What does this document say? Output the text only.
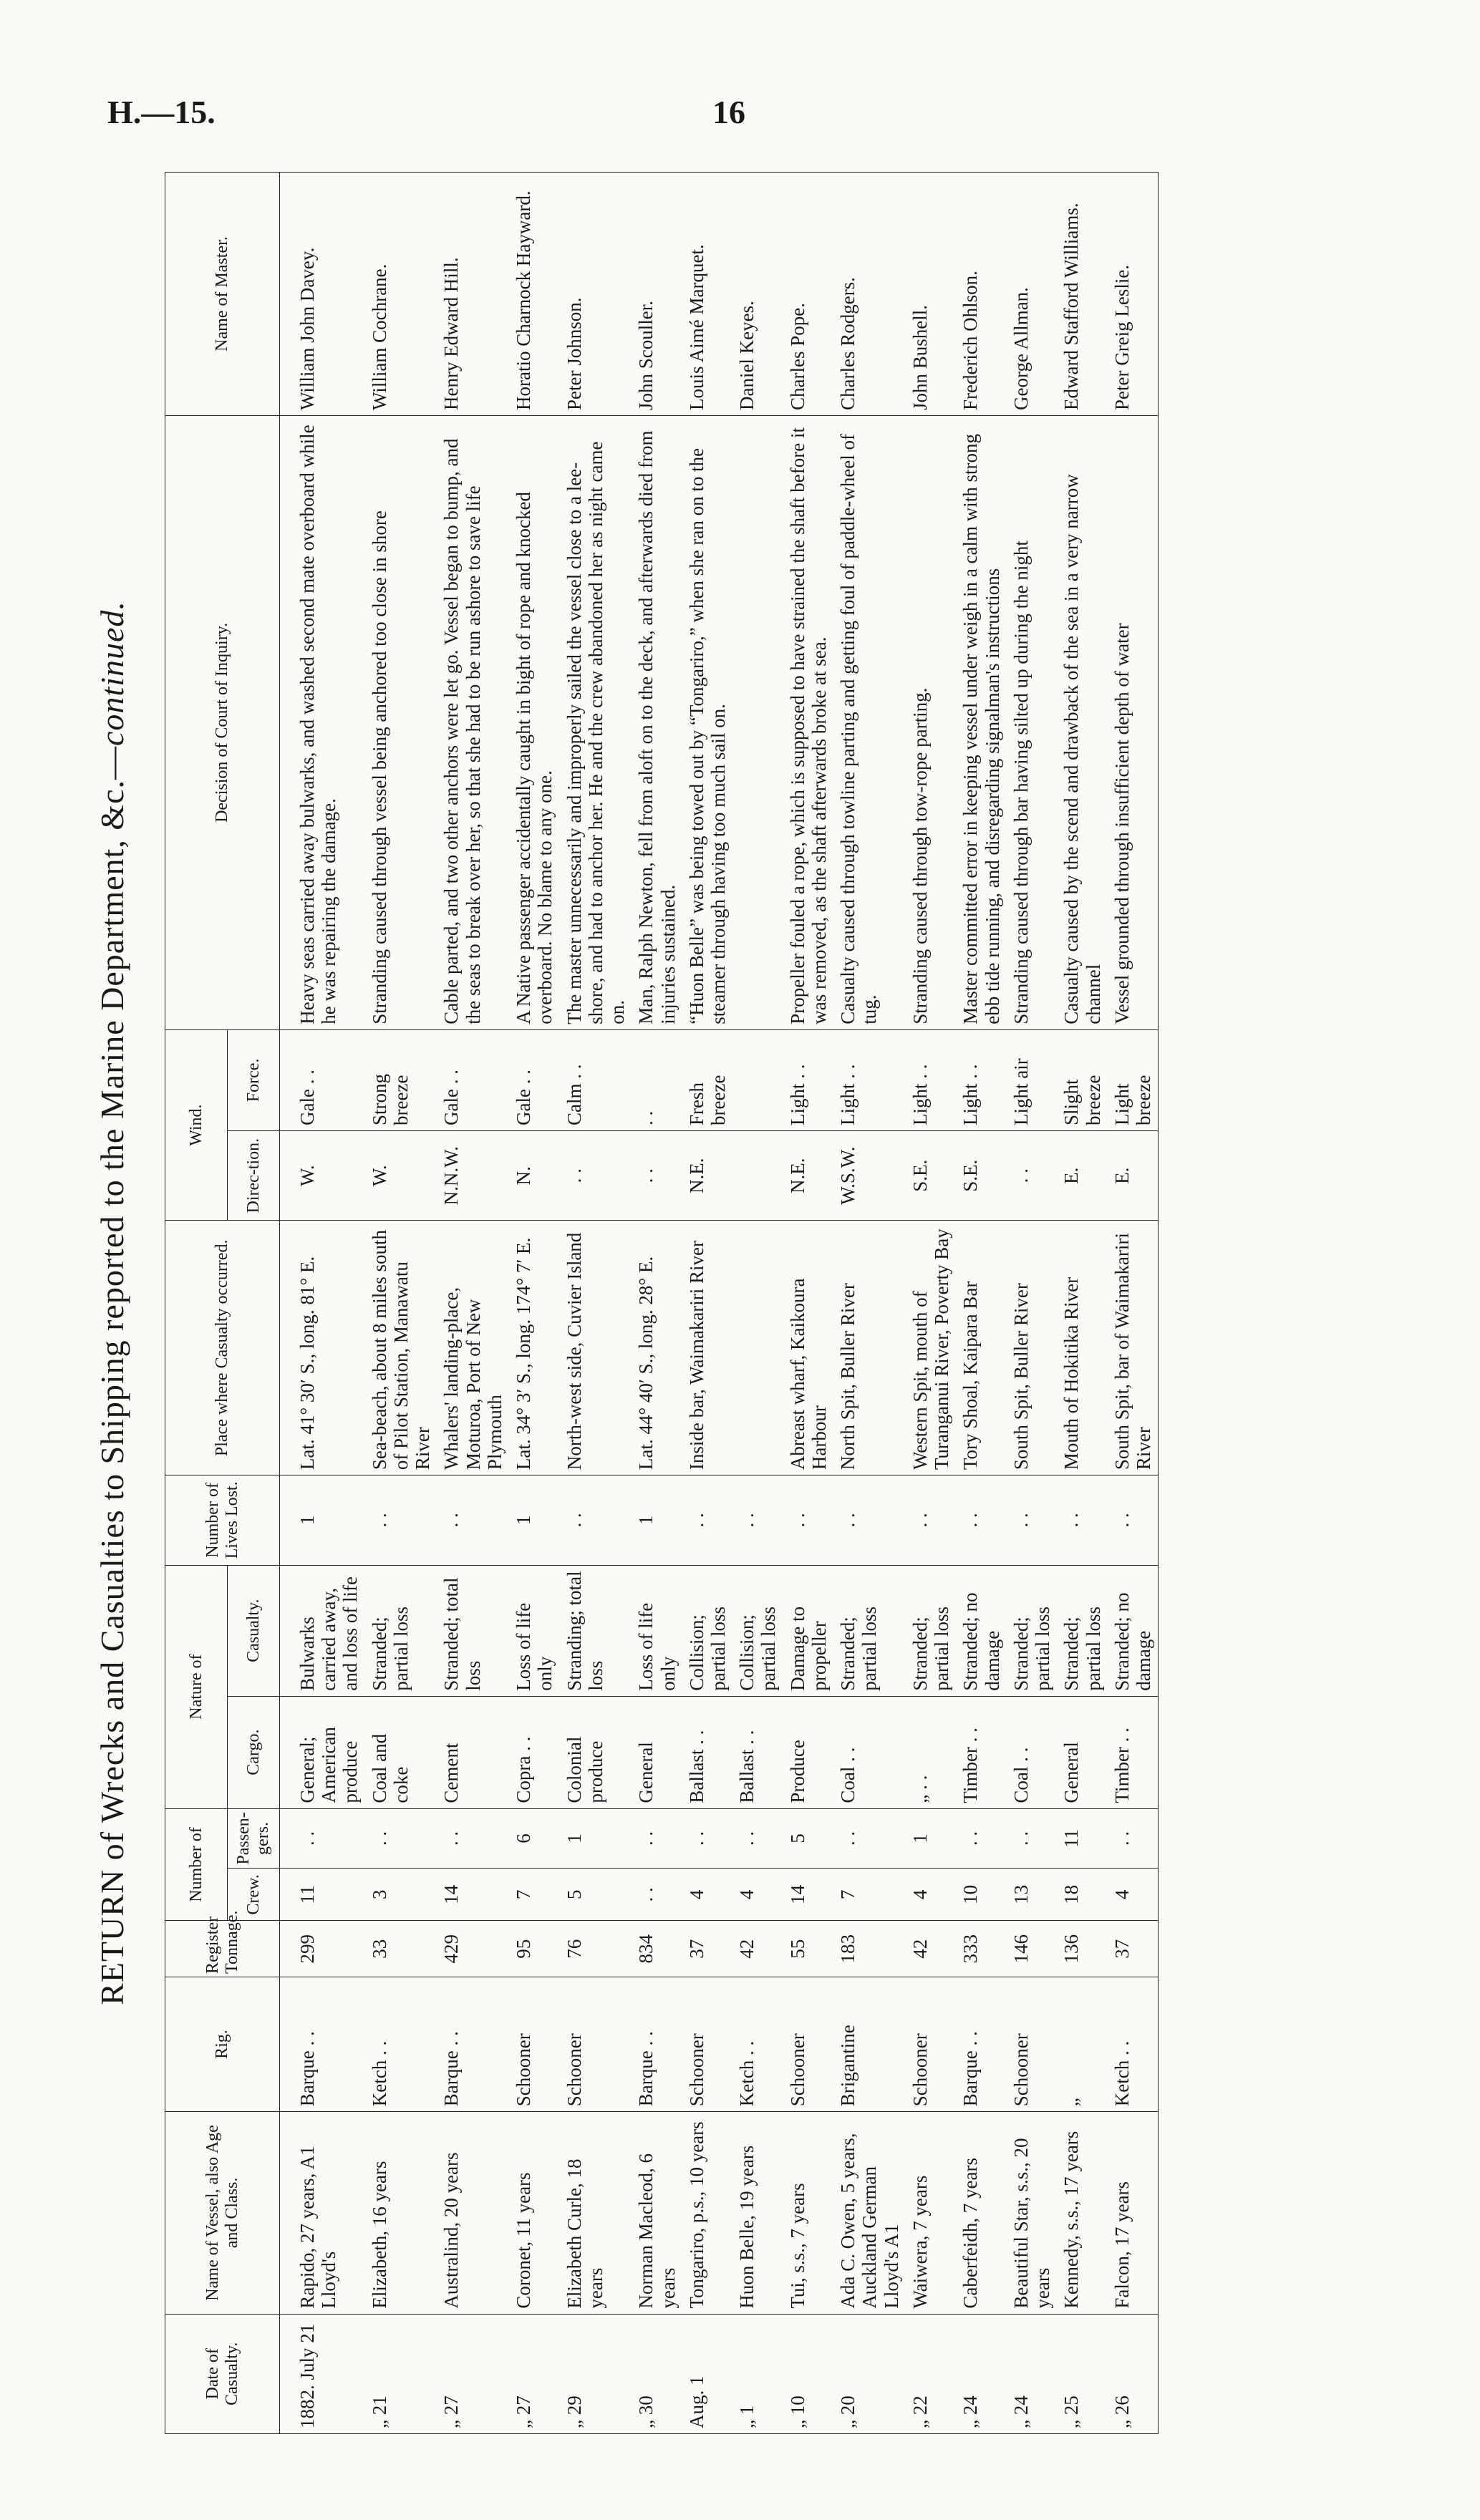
H.—15.	16
RETURN of Wrecks and Casualties to Shipping reported to the Marine Department, &c.—continued.
Date of Casualty.	Name of Vessel, also Age and Class.	Rig.	Register Tonnage.	Number of		Nature of		Number of Lives Lost.	Place where Casualty occurred.	Wind.		Decision of Court of Inquiry.	Name of Master.
				Crew.	Passen-gers.	Cargo.	Casualty.			Direc-tion.	Force.		

1882. July 21	Rapido, 27 years, A1 Lloyd's	Barque . .	299	11	. .	General; American produce	Bulwarks carried away, and loss of life	1	Lat. 41° 30′ S., long. 81° E.	W.	Gale . .	Heavy seas carried away bulwarks, and washed second mate overboard while he was repairing the damage.	William John Davey.
„ 21	Elizabeth, 16 years	Ketch . .	33	3	. .	Coal and coke	Stranded; partial loss	. .	Sea-beach, about 8 miles south of Pilot Station, Manawatu River	W.	Strong breeze	Stranding caused through vessel being anchored too close in shore	William Cochrane.
„ 27	Australind, 20 years	Barque . .	429	14	. .	Cement	Stranded; total loss	. .	Whalers' landing-place, Moturoa, Port of New Plymouth	N.N.W.	Gale . .	Cable parted, and two other anchors were let go. Vessel began to bump, and the seas to break over her, so that she had to be run ashore to save life	Henry Edward Hill.
„ 27	Coronet, 11 years	Schooner	95	7	6	Copra . .	Loss of life only	1	Lat. 34° 3′ S., long. 174° 7′ E.	N.	Gale . .	A Native passenger accidentally caught in bight of rope and knocked overboard. No blame to any one.	Horatio Charnock Hayward.
„ 29	Elizabeth Curle, 18 years	Schooner	76	5	1	Colonial produce	Stranding; total loss	. .	North-west side, Cuvier Island	. .	Calm . .	The master unnecessarily and improperly sailed the vessel close to a lee-shore, and had to anchor her. He and the crew abandoned her as night came on.	Peter Johnson.
„ 30	Norman Macleod, 6 years	Barque . .	834	. .	. .	General	Loss of life only	1	Lat. 44° 40′ S., long. 28° E.	. .	. .	Man, Ralph Newton, fell from aloft on to the deck, and afterwards died from injuries sustained.	John Scouller.
Aug. 1	Tongariro, p.s., 10 years	Schooner	37	4	. .	Ballast . .	Collision; partial loss	. .	Inside bar, Waimakariri River	N.E.	Fresh breeze	“Huon Belle” was being towed out by “Tongariro,” when she ran on to the steamer through having too much sail on.	Louis Aimé Marquet.
„ 1	Huon Belle, 19 years	Ketch . .	42	4	. .	Ballast . .	Collision; partial loss	. .					Daniel Keyes.
„ 10	Tui, s.s., 7 years	Schooner	55	14	5	Produce	Damage to propeller	. .	Abreast wharf, Kaikoura Harbour	N.E.	Light . .	Propeller fouled a rope, which is supposed to have strained the shaft before it was removed, as the shaft afterwards broke at sea.	Charles Pope.
„ 20	Ada C. Owen, 5 years, Auckland German Lloyd's A1	Brigantine	183	7	. .	Coal . .	Stranded; partial loss	. .	North Spit, Buller River	W.S.W.	Light . .	Casualty caused through towline parting and getting foul of paddle-wheel of tug.	Charles Rodgers.
„ 22	Waiwera, 7 years	Schooner	42	4	1	„ . .	Stranded; partial loss	. .	Western Spit, mouth of Turanganui River, Poverty Bay	S.E.	Light . .	Stranding caused through tow-rope parting.	John Bushell.
„ 24	Caberfeidh, 7 years	Barque . .	333	10	. .	Timber . .	Stranded; no damage	. .	Tory Shoal, Kaipara Bar	S.E.	Light . .	Master committed error in keeping vessel under weigh in a calm with strong ebb tide running, and disregarding signalman's instructions	Frederich Ohlson.
„ 24	Beautiful Star, s.s., 20 years	Schooner	146	13	. .	Coal . .	Stranded; partial loss	. .	South Spit, Buller River	. .	Light air	Stranding caused through bar having silted up during the night	George Allman.
„ 25	Kennedy, s.s., 17 years	„	136	18	11	General	Stranded; partial loss	. .	Mouth of Hokitika River	E.	Slight breeze	Casualty caused by the scend and drawback of the sea in a very narrow channel	Edward Stafford Williams.
„ 26	Falcon, 17 years	Ketch . .	37	4	. .	Timber . .	Stranded; no damage	. .	South Spit, bar of Waimakariri River	E.	Light breeze	Vessel grounded through insufficient depth of water	Peter Greig Leslie.
